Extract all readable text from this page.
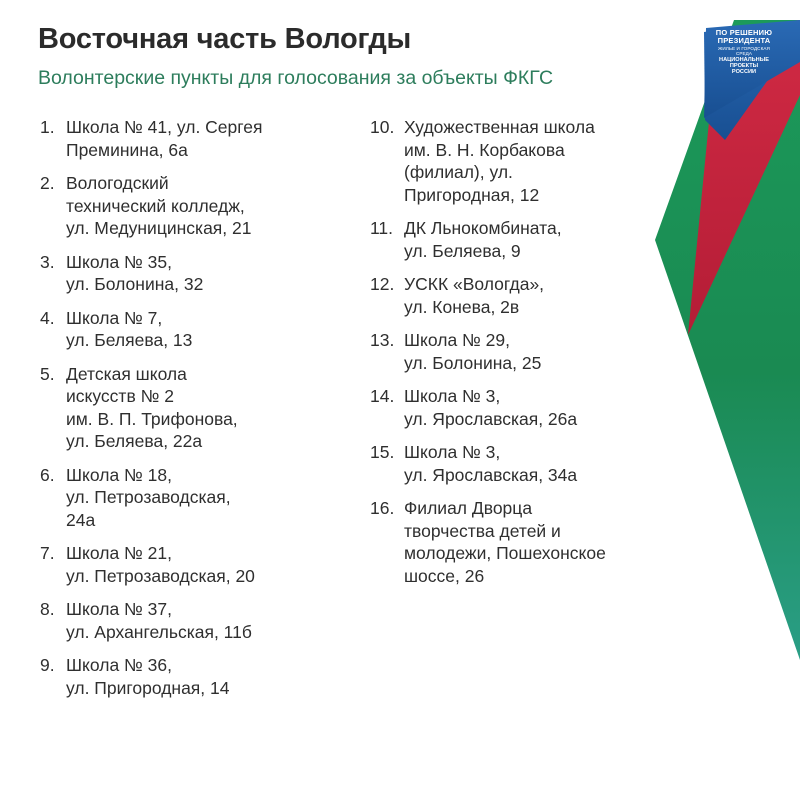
ПО РЕШЕНИЮ
ПРЕЗИДЕНТА
ЖИЛЬЕ И ГОРОДСКАЯ СРЕДА
НАЦИОНАЛЬНЫЕ
ПРОЕКТЫ
РОССИИ
Восточная часть Вологды

Волонтерские пункты для голосования за объекты ФКГС

1. Школа № 41, ул. Сергея
Преминина, 6а
2. Вологодский
технический колледж,
ул. Медуницинская, 21
3. Школа № 35,
ул. Болонина, 32
4. Школа № 7,
ул. Беляева, 13
5. Детская школа
искусств № 2
им. В. П. Трифонова,
ул. Беляева, 22а
6. Школа № 18,
ул. Петрозаводская,
24а
7. Школа № 21,
ул. Петрозаводская, 20
8. Школа № 37,
ул. Архангельская, 11б
9. Школа № 36,
ул. Пригородная, 14
10. Художественная школа
им. В. Н. Корбакова
(филиал), ул.
Пригородная, 12
11. ДК Льнокомбината,
ул. Беляева, 9
12. УСКК «Вологда»,
ул. Конева, 2в
13. Школа № 29,
ул. Болонина, 25
14. Школа № 3,
ул. Ярославская, 26а
15. Школа № 3,
ул. Ярославская, 34а
16. Филиал Дворца
творчества детей и
молодежи, Пошехонское
шоссе, 26
